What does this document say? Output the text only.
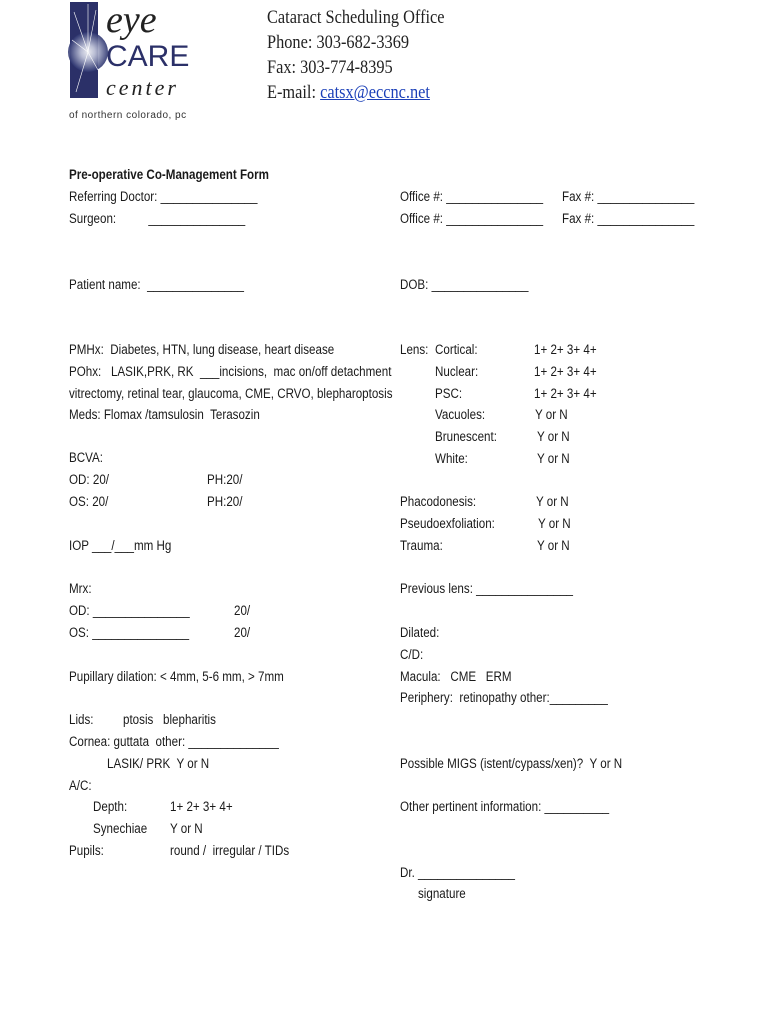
eye
CARE
center
of northern colorado, pc
Cataract Scheduling Office
Phone: 303-682-3369
Fax: 303-774-8395
E-mail: catsx@eccnc.net
Pre-operative Co-Management Form
Referring Doctor: _______________
Surgeon:          _______________
Office #: _______________ Fax #: _______________
Office #: _______________ Fax #: _______________
Patient name:  _______________	DOB: _______________
PMHx:  Diabetes, HTN, lung disease, heart disease
POhx:   LASIK,PRK, RK  ___incisions,  mac on/off detachment
vitrectomy, retinal tear, glaucoma, CME, CRVO, blepharoptosis
Meds: Flomax /tamsulosin  Terasozin
BCVA:
OD: 20/	PH:20/
OS: 20/	PH:20/
IOP ___/___mm Hg
Mrx:
OD: _______________	20/
OS: _______________	20/
Pupillary dilation: < 4mm, 5-6 mm, > 7mm
Lids: ptosis   blepharitis
Cornea: guttata  other: ______________
LASIK/ PRK  Y or N
A/C:
Depth:	1+ 2+ 3+ 4+
Synechiae Y or N
Pupils:	round /  irregular / TIDs
Lens: Cortical:	1+ 2+ 3+ 4+
Nuclear:	1+ 2+ 3+ 4+
PSC:	1+ 2+ 3+ 4+
Vacuoles:	Y or N
Brunescent:	Y or N
White:	Y or N
Phacodonesis:	Y or N
Pseudoexfoliation:	Y or N
Trauma:	Y or N
Previous lens: _______________
Dilated:
C/D:
Macula:   CME   ERM
Periphery:  retinopathy other:_________
Possible MIGS (istent/cypass/xen)?  Y or N
Other pertinent information: __________
Dr. _______________
signature
